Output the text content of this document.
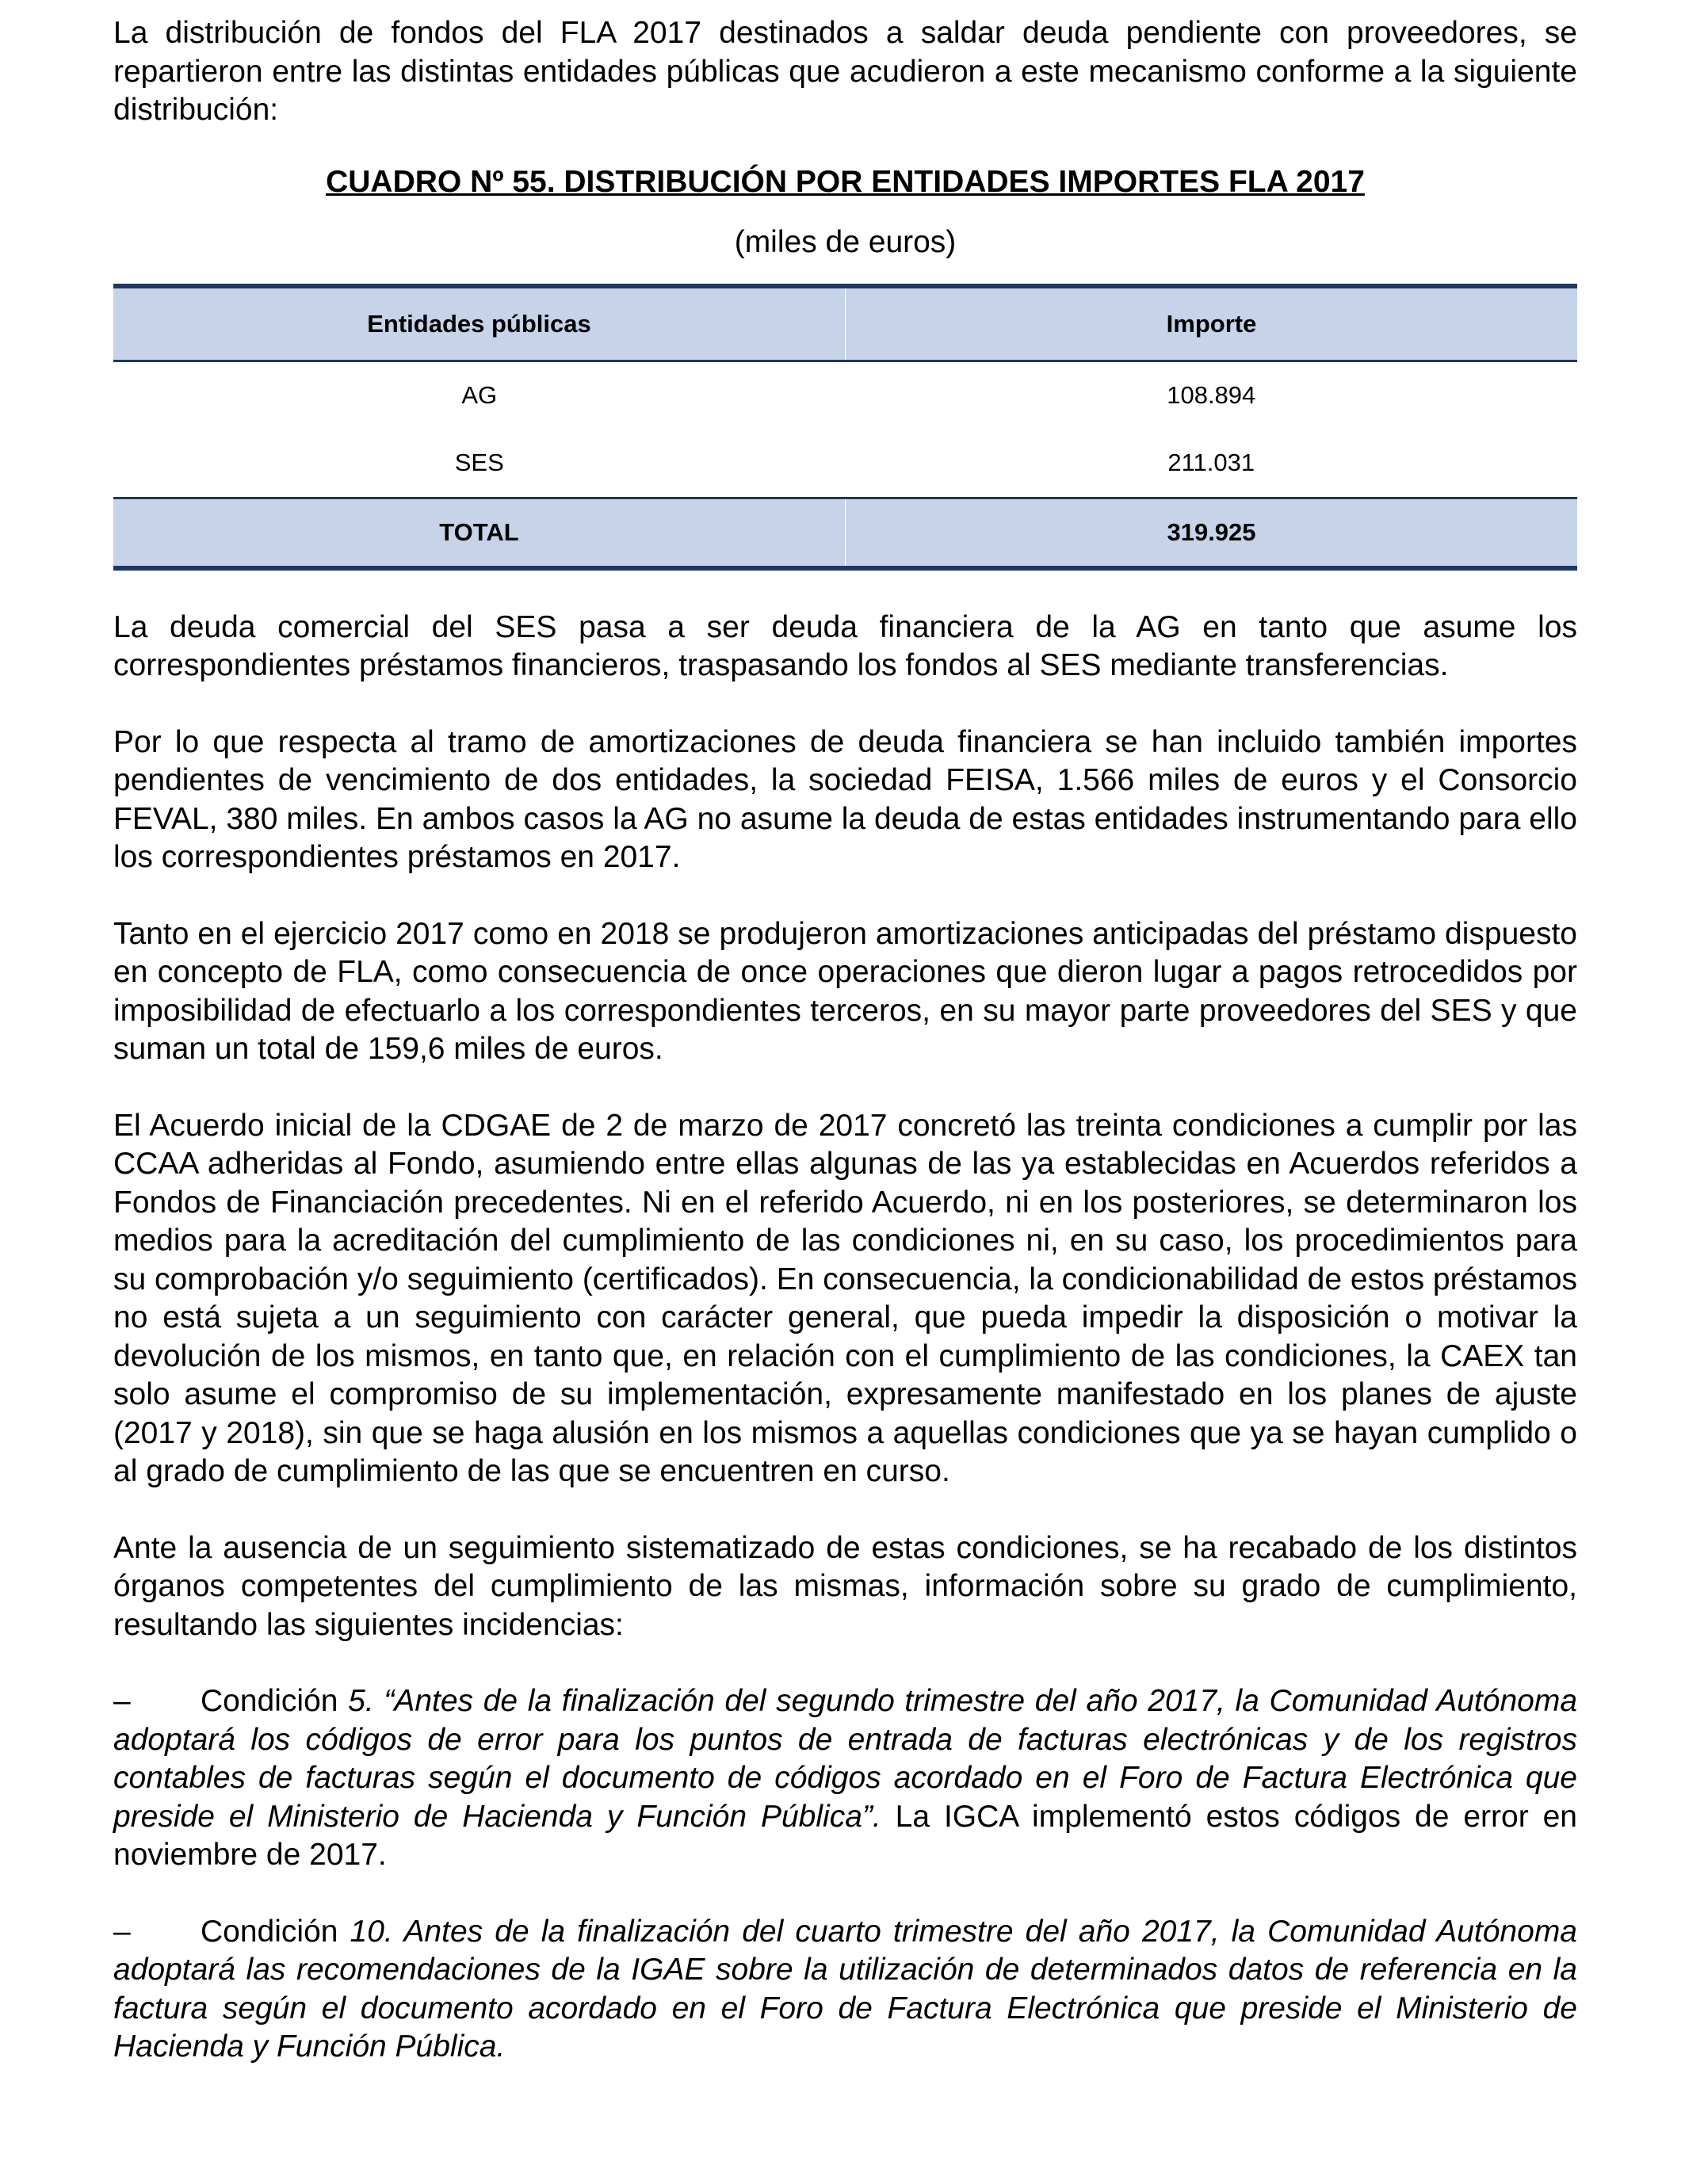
La distribución de fondos del FLA 2017 destinados a saldar deuda pendiente con proveedores, se repartieron entre las distintas entidades públicas que acudieron a este mecanismo conforme a la siguiente distribución:

CUADRO Nº 55. DISTRIBUCIÓN POR ENTIDADES IMPORTES FLA 2017

(miles de euros)

Entidades públicas	Importe
AG	108.894
SES	211.031
TOTAL	319.925

La deuda comercial del SES pasa a ser deuda financiera de la AG en tanto que asume los correspondientes préstamos financieros, traspasando los fondos al SES mediante transferencias.

Por lo que respecta al tramo de amortizaciones de deuda financiera se han incluido también importes pendientes de vencimiento de dos entidades, la sociedad FEISA, 1.566 miles de euros y el Consorcio FEVAL, 380 miles. En ambos casos la AG no asume la deuda de estas entidades instrumentando para ello los correspondientes préstamos en 2017.

Tanto en el ejercicio 2017 como en 2018 se produjeron amortizaciones anticipadas del préstamo dispuesto en concepto de FLA, como consecuencia de once operaciones que dieron lugar a pagos retrocedidos por imposibilidad de efectuarlo a los correspondientes terceros, en su mayor parte proveedores del SES y que suman un total de 159,6 miles de euros.

El Acuerdo inicial de la CDGAE de 2 de marzo de 2017 concretó las treinta condiciones a cumplir por las CCAA adheridas al Fondo, asumiendo entre ellas algunas de las ya establecidas en Acuerdos referidos a Fondos de Financiación precedentes. Ni en el referido Acuerdo, ni en los posteriores, se determinaron los medios para la acreditación del cumplimiento de las condiciones ni, en su caso, los procedimientos para su comprobación y/o seguimiento (certificados). En consecuencia, la condicionabilidad de estos préstamos no está sujeta a un seguimiento con carácter general, que pueda impedir la disposición o motivar la devolución de los mismos, en tanto que, en relación con el cumplimiento de las condiciones, la CAEX tan solo asume el compromiso de su implementación, expresamente manifestado en los planes de ajuste (2017 y 2018), sin que se haga alusión en los mismos a aquellas condiciones que ya se hayan cumplido o al grado de cumplimiento de las que se encuentren en curso.

Ante la ausencia de un seguimiento sistematizado de estas condiciones, se ha recabado de los distintos órganos competentes del cumplimiento de las mismas, información sobre su grado de cumplimiento, resultando las siguientes incidencias:

– Condición 5. “Antes de la finalización del segundo trimestre del año 2017, la Comunidad Autónoma adoptará los códigos de error para los puntos de entrada de facturas electrónicas y de los registros contables de facturas según el documento de códigos acordado en el Foro de Factura Electrónica que preside el Ministerio de Hacienda y Función Pública”. La IGCA implementó estos códigos de error en noviembre de 2017.

– Condición 10. Antes de la finalización del cuarto trimestre del año 2017, la Comunidad Autónoma adoptará las recomendaciones de la IGAE sobre la utilización de determinados datos de referencia en la factura según el documento acordado en el Foro de Factura Electrónica que preside el Ministerio de Hacienda y Función Pública.
